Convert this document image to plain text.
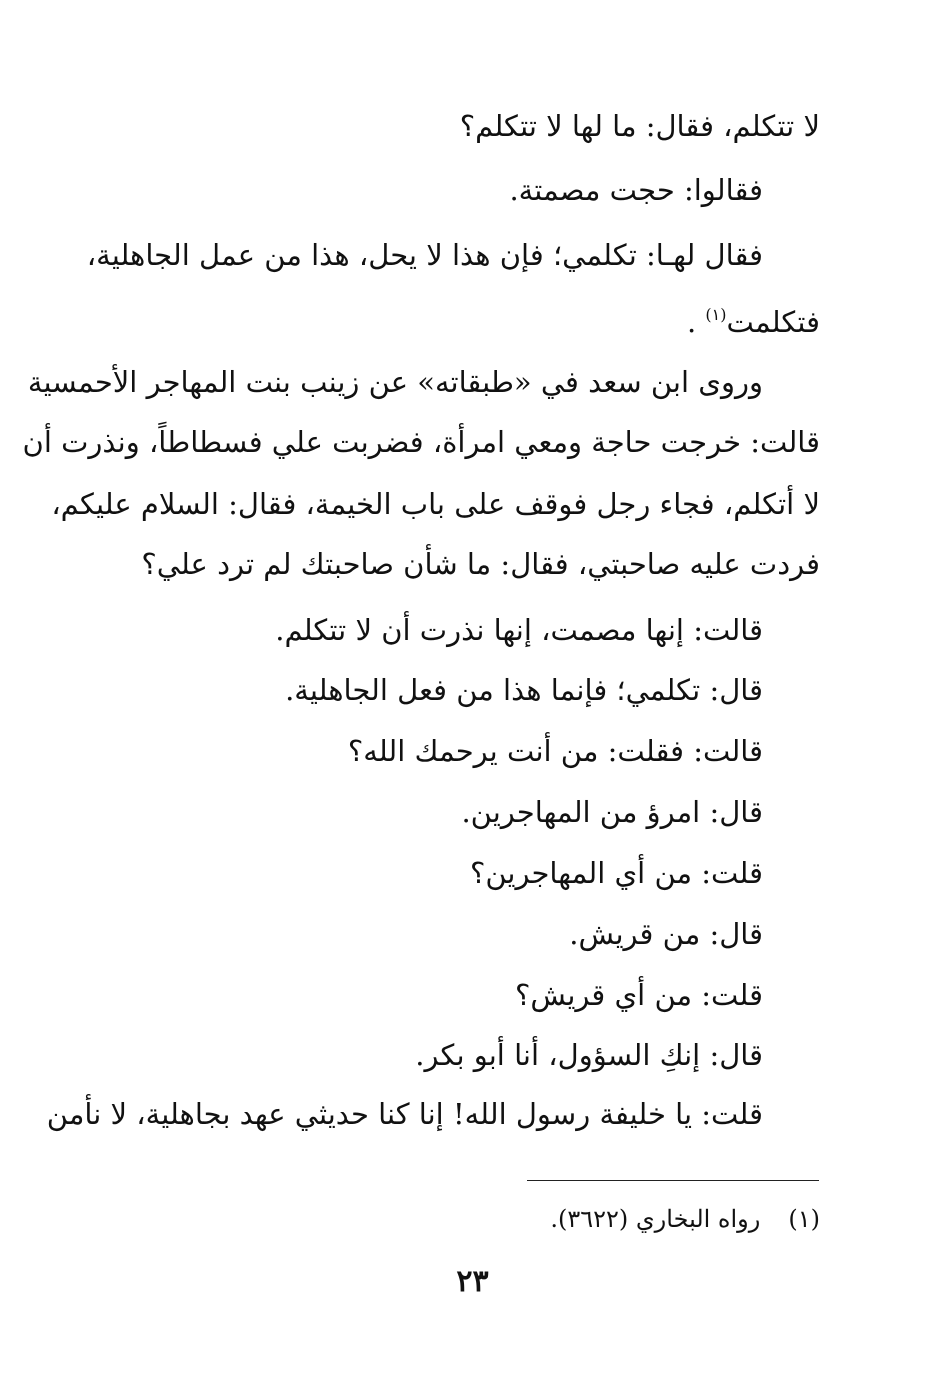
لا تتكلم، فقال: ما لها لا تتكلم؟
فقالوا: حجت مصمتة.
فقال لهـا: تكلمي؛ فإن هذا لا يحل، هذا من عمل الجاهلية،
فتكلمت$^{(١)}$ .
وروى ابن سعد في «طبقاته» عن زينب بنت المهاجر الأحمسية
قالت: خرجت حاجة ومعي امرأة، فضربت علي فسطاطاً، ونذرت أن
لا أتكلم، فجاء رجل فوقف على باب الخيمة، فقال: السلام عليكم،
فردت عليه صاحبتي، فقال: ما شأن صاحبتك لم ترد علي؟
قالت: إنها مصمت، إنها نذرت أن لا تتكلم.
قال: تكلمي؛ فإنما هذا من فعل الجاهلية.
قالت: فقلت: من أنت يرحمك الله؟
قال: امرؤ من المهاجرين.
قلت: من أي المهاجرين؟
قال: من قريش.
قلت: من أي قريش؟
قال: إنكِ السؤول، أنا أبو بكر.
قلت: يا خليفة رسول الله! إنا كنا حديثي عهد بجاهلية، لا نأمن
(١)رواه البخاري (٣٦٢٢).
٢٣
